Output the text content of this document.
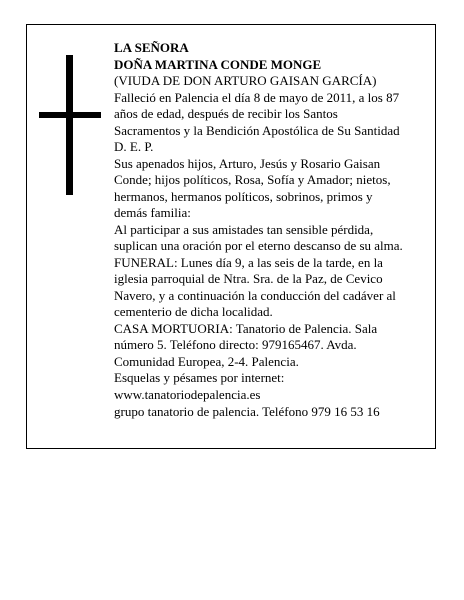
LA SEÑORA

DOÑA MARTINA CONDE MONGE

(VIUDA DE DON ARTURO GAISAN GARCÍA)

Falleció en Palencia el día 8 de mayo de 2011, a los 87

años de edad, después de recibir los Santos

Sacramentos y la Bendición Apostólica de Su Santidad

D. E. P.

Sus apenados hijos, Arturo, Jesús y Rosario Gaisan

Conde; hijos políticos, Rosa, Sofía y Amador; nietos,

hermanos, hermanos políticos, sobrinos, primos y

demás familia:

Al participar a sus amistades tan sensible pérdida,

suplican una oración por el eterno descanso de su alma.

FUNERAL: Lunes día 9, a las seis de la tarde, en la

iglesia parroquial de Ntra. Sra. de la Paz, de Cevico

Navero, y a continuación la conducción del cadáver al

cementerio de dicha localidad.

CASA MORTUORIA: Tanatorio de Palencia. Sala

número 5. Teléfono directo: 979165467. Avda.

Comunidad Europea, 2-4. Palencia.

Esquelas y pésames por internet:

www.tanatoriodepalencia.es

grupo tanatorio de palencia. Teléfono 979 16 53 16
